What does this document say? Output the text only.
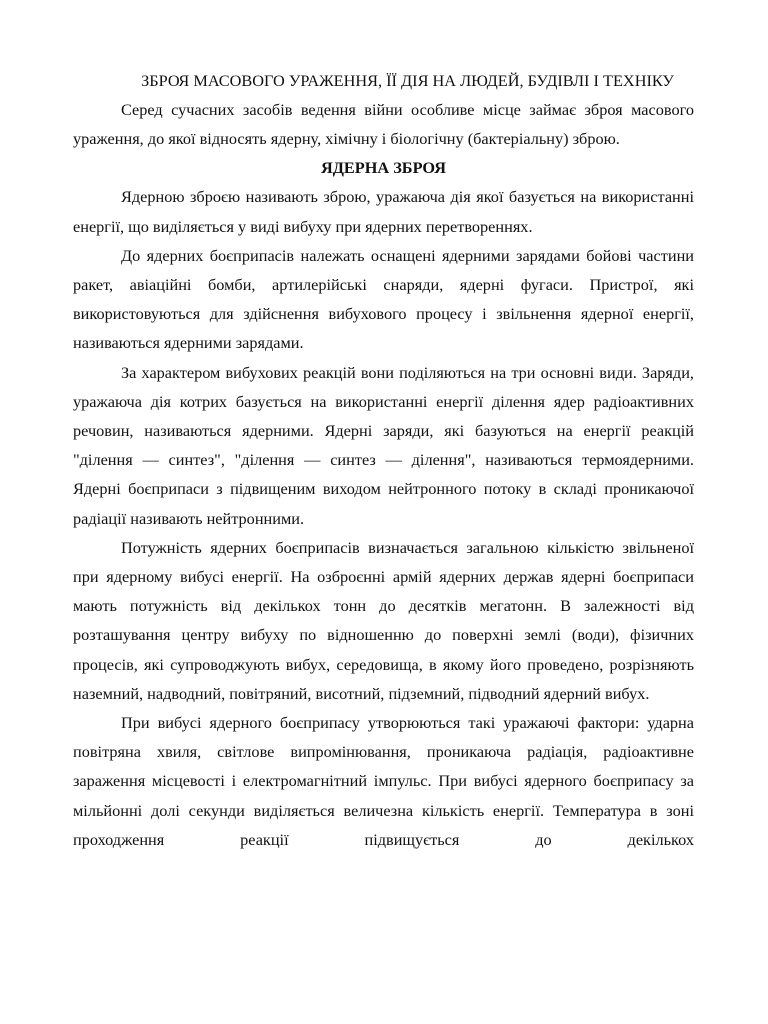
ЗБРОЯ МАСОВОГО УРАЖЕННЯ, ЇЇ ДІЯ НА ЛЮДЕЙ, БУДІВЛІ І ТЕХНІКУ

Серед сучасних засобів ведення війни особливе місце займає зброя масового ураження, до якої відносять ядерну, хімічну і біологічну (бактеріальну) зброю.

ЯДЕРНА ЗБРОЯ

Ядерною зброєю називають зброю, уражаюча дія якої базується на використанні енергії, що виділяється у виді вибуху при ядерних перетвореннях.

До ядерних боєприпасів належать оснащені ядерними зарядами бойові частини ракет, авіаційні бомби, артилерійські снаряди, ядерні фугаси. Пристрої, які використовуються для здійснення вибухового процесу і звільнення ядерної енергії, називаються ядерними зарядами.

За характером вибухових реакцій вони поділяються на три основні види. Заряди, уражаюча дія котрих базується на використанні енергії ділення ядер радіоактивних речовин, називаються ядерними. Ядерні заряди, які базуються на енергії реакцій "ділення — синтез", "ділення — синтез — ділення", називаються термоядерними. Ядерні боєприпаси з підвищеним виходом нейтронного потоку в складі проникаючої радіації називають нейтронними.

Потужність ядерних боєприпасів визначається загальною кількістю звільненої при ядерному вибусі енергії. На озброєнні армій ядерних держав ядерні боєприпаси мають потужність від декількох тонн до десятків мегатонн. В залежності від розташування центру вибуху по відношенню до поверхні землі (води), фізичних процесів, які супроводжують вибух, середовища, в якому його проведено, розрізняють наземний, надводний, повітряний, висотний, підземний, підводний ядерний вибух.

При вибусі ядерного боєприпасу утворюються такі уражаючі фактори: ударна повітряна хвиля, світлове випромінювання, проникаюча радіація, радіоактивне зараження місцевості і електромагнітний імпульс. При вибусі ядерного боєприпасу за мільйонні долі секунди виділяється величезна кількість енергії. Температура в зоні проходження реакції підвищується до декількох
